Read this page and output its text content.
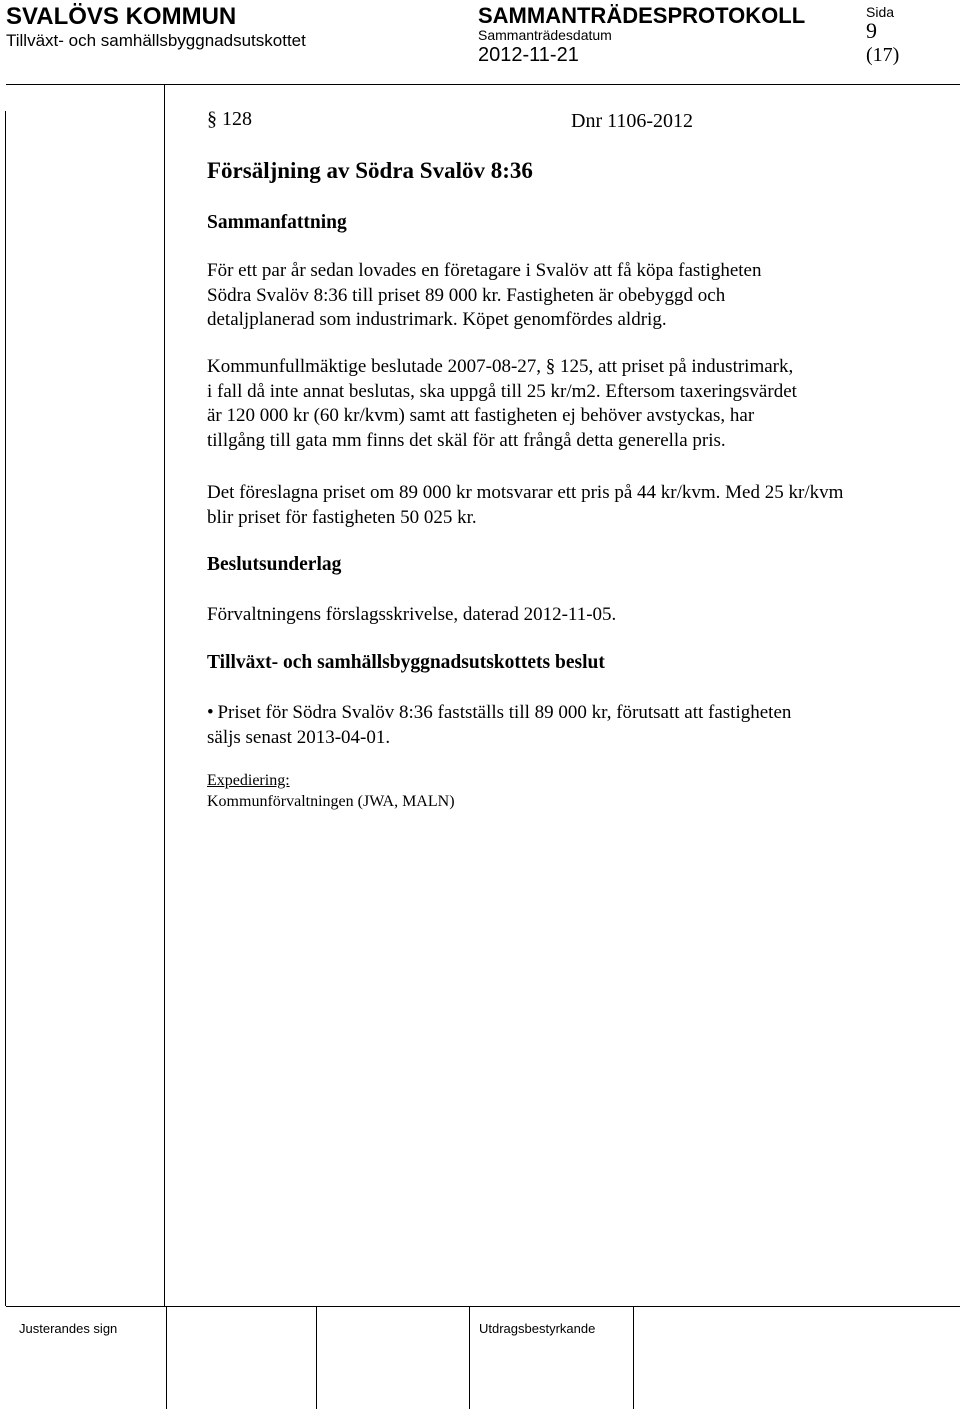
SVALÖVS KOMMUN
Tillväxt- och samhällsbyggnadsutskottet
SAMMANTRÄDESPROTOKOLL
Sammanträdesdatum
2012-11-21
Sida
9
(17)
§ 128	Dnr 1106-2012
Försäljning av Södra Svalöv 8:36
Sammanfattning
För ett par år sedan lovades en företagare i Svalöv att få köpa fastigheten
Södra Svalöv 8:36 till priset 89 000 kr. Fastigheten är obebyggd och
detaljplanerad som industrimark. Köpet genomfördes aldrig.
Kommunfullmäktige beslutade 2007-08-27, § 125, att priset på industrimark,
i fall då inte annat beslutas, ska uppgå till 25 kr/m2. Eftersom taxeringsvärdet
är 120 000 kr (60 kr/kvm) samt att fastigheten ej behöver avstyckas, har
tillgång till gata mm finns det skäl för att frångå detta generella pris.
Det föreslagna priset om 89 000 kr motsvarar ett pris på 44 kr/kvm. Med 25 kr/kvm
blir priset för fastigheten 50 025 kr.
Beslutsunderlag
Förvaltningens förslagsskrivelse, daterad 2012-11-05.
Tillväxt- och samhällsbyggnadsutskottets beslut
• Priset för Södra Svalöv 8:36 fastställs till 89 000 kr, förutsatt att fastigheten
säljs senast 2013-04-01.
Expediering:
Kommunförvaltningen (JWA, MALN)
Justerandes sign	Utdragsbestyrkande
